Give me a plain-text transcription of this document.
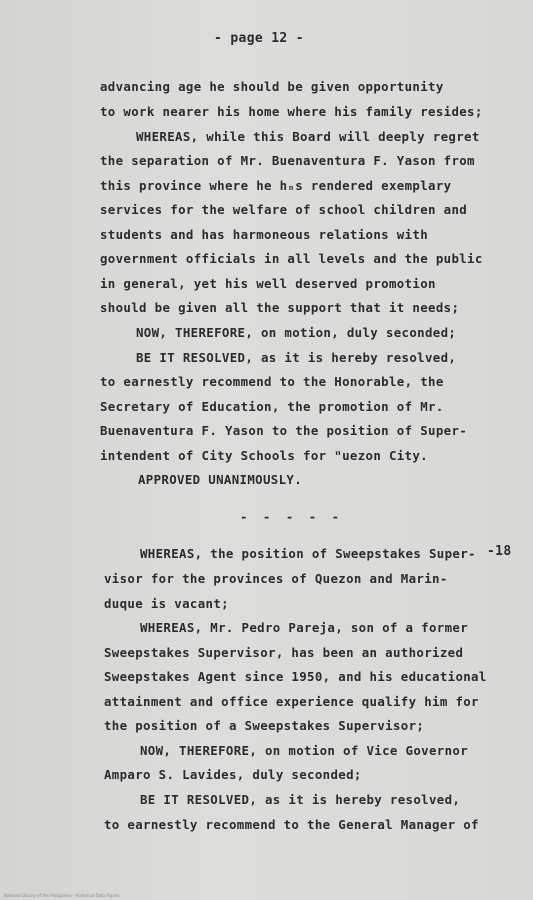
- page 12 -
advancing age he should be given opportunity
to work nearer his home where his family resides;
WHEREAS, while this Board will deeply regret
the separation of Mr. Buenaventura F. Yason from
this province where he hₙs rendered exemplary
services for the welfare of school children and
students and has harmoneous relations with
government officials in all levels and the public
in general, yet his well deserved promotion
should be given all the support that it needs;
NOW, THEREFORE, on motion, duly seconded;
BE IT RESOLVED, as it is hereby resolved,
to earnestly recommend to the Honorable, the
Secretary of Education, the promotion of Mr.
Buenaventura F. Yason to the position of Super-
intendent of City Schools for ʺuezon City.
APPROVED UNANIMOUSLY.
- - - - -
-18
WHEREAS, the position of Sweepstakes Super-
visor for the provinces of Quezon and Marin-
duque is vacant;
WHEREAS, Mr. Pedro Pareja, son of a former
Sweepstakes Supervisor, has been an authorized
Sweepstakes Agent since 1950, and his educational
attainment and office experience qualify him for
the position of a Sweepstakes Supervisor;
NOW, THEREFORE, on motion of Vice Governor
Amparo S. Lavides, duly seconded;
BE IT RESOLVED, as it is hereby resolved,
to earnestly recommend to the General Manager of
National Library of the Philippines · Historical Data Papers
